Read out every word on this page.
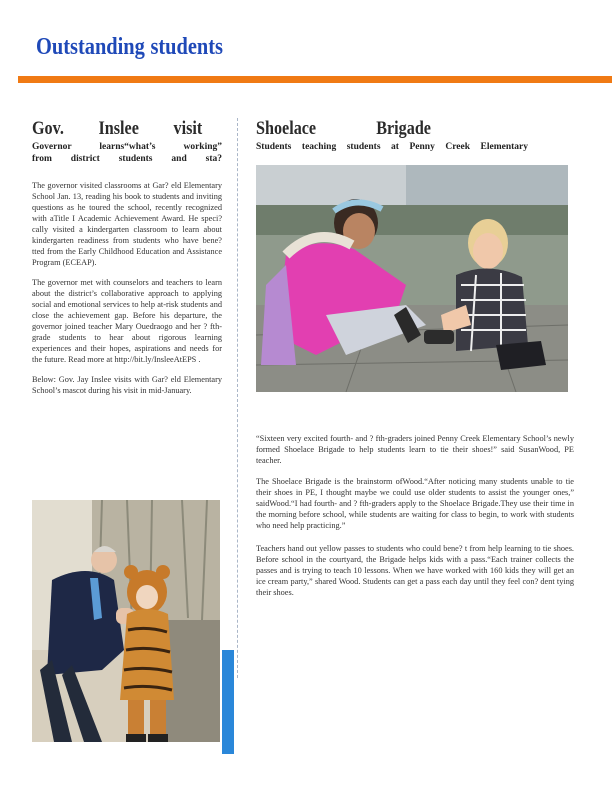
Outstanding students
Gov. Inslee visit
Governor learns“what’s working”
from district students and sta?

The governor visited classrooms at Gar? eld Elementary School Jan. 13, reading his book to students and inviting questions as he toured the school, recently recognized with aTitle I Academic Achievement Award. He speci? cally visited a kindergarten classroom to learn about kindergarten readiness from students who have bene? tted from the Early Childhood Education and Assistance Program (ECEAP).

The governor met with counselors and teachers to learn about the district’s collaborative approach to applying social and emotional services to help at-risk students and close the achievement gap. Before his departure, the governor joined teacher Mary Ouedraogo and her ? fth-grade students to hear about rigorous learning experiences and their hopes, aspirations and needs for the future. Read more at http://bit.ly/InsleeAtEPS .

Below: Gov. Jay Inslee visits with Gar? eld Elementary School’s mascot during his visit in mid-January.

Shoelace Brigade
Students teaching students at Penny Creek Elementary

“Sixteen very excited fourth- and ? fth-graders joined Penny Creek Elementary School’s newly formed Shoelace Brigade to help students learn to tie their shoes!” said SusanWood, PE teacher.

The Shoelace Brigade is the brainstorm ofWood.“After noticing many students unable to tie their shoes in PE, I thought maybe we could use older students to assist the younger ones,” saidWood.“I had fourth- and ? fth-graders apply to the Shoelace Brigade.They use their time in the morning before school, while students are waiting for class to begin, to work with students who need help practicing.”

Teachers hand out yellow passes to students who could bene? t from help learning to tie shoes. Before school in the courtyard, the Brigade helps kids with a pass.“Each trainer collects the passes and is trying to teach 10 lessons. When we have worked with 160 kids they will get an ice cream party,” shared Wood. Students can get a pass each day until they feel con? dent tying their shoes.
